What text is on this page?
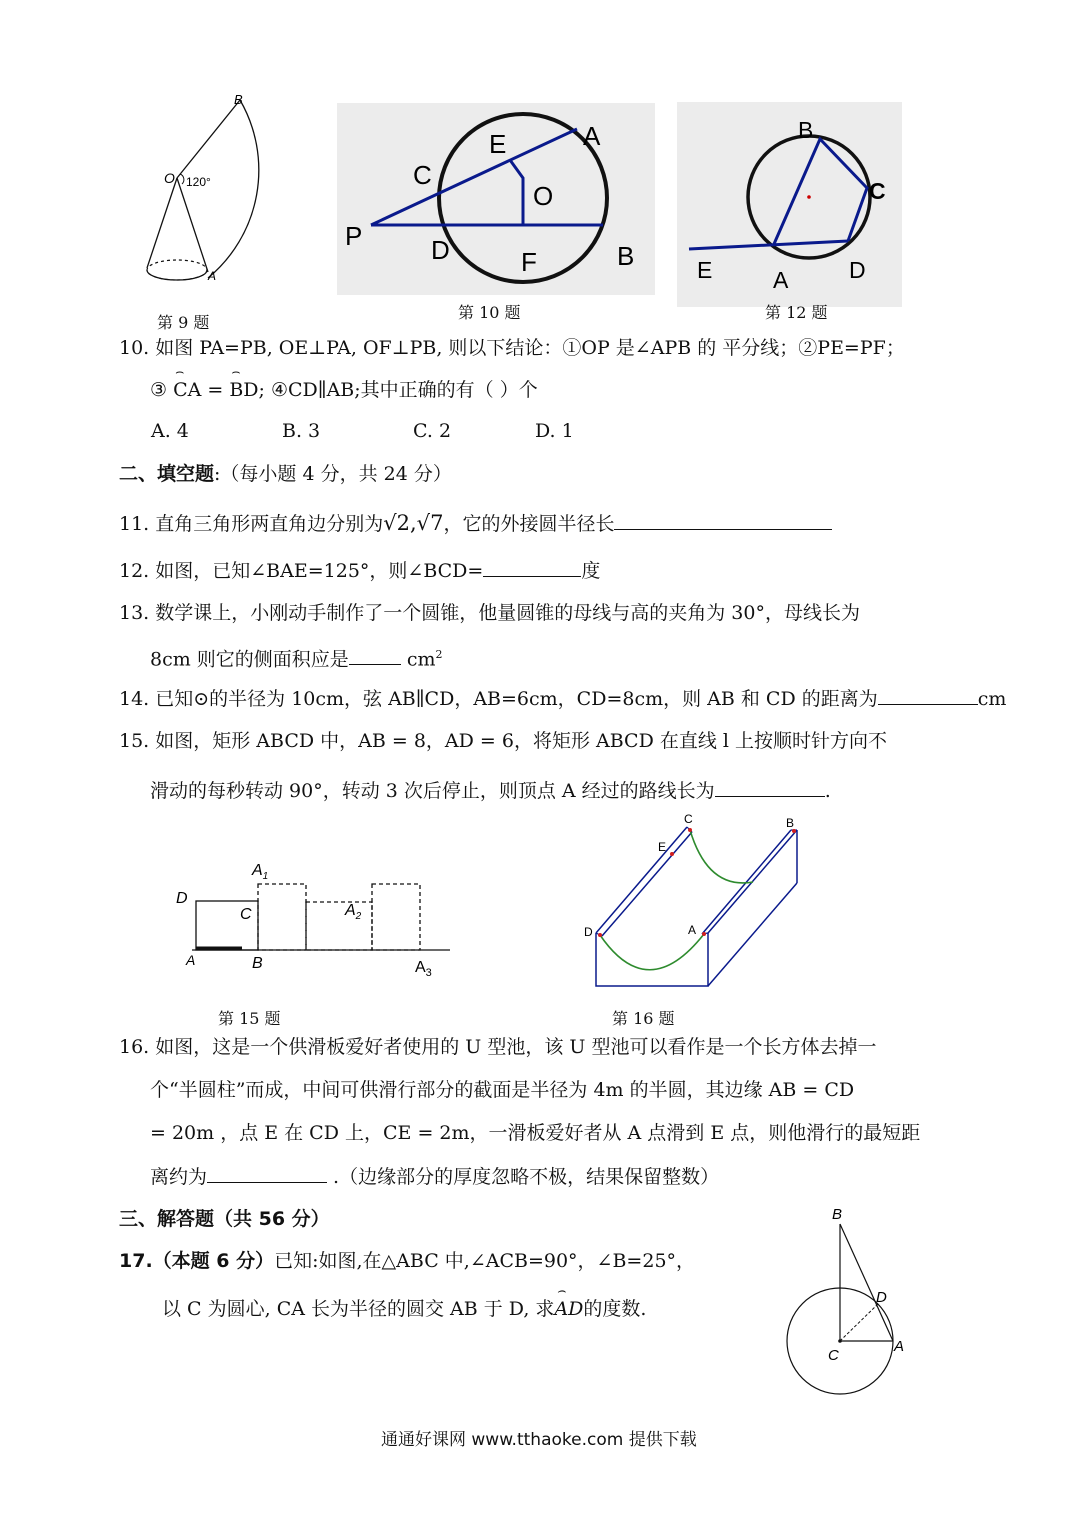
B
O 120°
A
第 9 题
E	A
C
O
P	D	F	B
第 10 题
B
C
E	A	D
第 12 题
10. 如图 PA=PB, OE⊥PA, OF⊥PB, 则以下结论：①OP 是∠APB 的 平分线；②PE=PF；
③ ⌢ CA = ⌢ BD; ④CD∥AB;其中正确的有（ ）个
A. 4	B. 3	C. 2	D. 1
二、填空题:（每小题 4 分，共 24 分）
11. 直角三角形两直角边分别为√2,√7，它的外接圆半径长
12. 如图，已知∠BAE=125°，则∠BCD=	度
13. 数学课上，小刚动手制作了一个圆锥，他量圆锥的母线与高的夹角为 30°，母线长为
8cm 则它的侧面积应是	$cm^2$
14. 已知⊙的半径为 10cm，弦 AB∥CD，AB=6cm，CD=8cm，则 AB 和 CD 的距离为	cm
15. 如图，矩形 ABCD 中，AB = 8，AD = 6，将矩形 ABCD 在直线 l 上按顺时针方向不
滑动的每秒转动 90°，转动 3 次后停止，则顶点 A 经过的路线长为	.
D
A
$A_1$
C
B
$A_2$
$A_3$
第 15 题
C	B
E
D	A
第 16 题
16. 如图，这是一个供滑板爱好者使用的 U 型池，该 U 型池可以看作是一个长方体去掉一
个“半圆柱”而成，中间可供滑行部分的截面是半径为 4m 的半圆，其边缘 AB = CD
= 20m ，点 E 在 CD 上，CE = 2m，一滑板爱好者从 A 点滑到 E 点，则他滑行的最短距
离约为	.（边缘部分的厚度忽略不极，结果保留整数）
三、解答题（共 56 分）
17.（本题 6 分）已知:如图,在△ABC 中,∠ACB=90°，∠B=25°，
以 C 为圆心, CA 长为半径的圆交 AB 于 D, 求⌢ AD的度数.
B
D
C
A
通通好课网 www.tthaoke.com 提供下载
